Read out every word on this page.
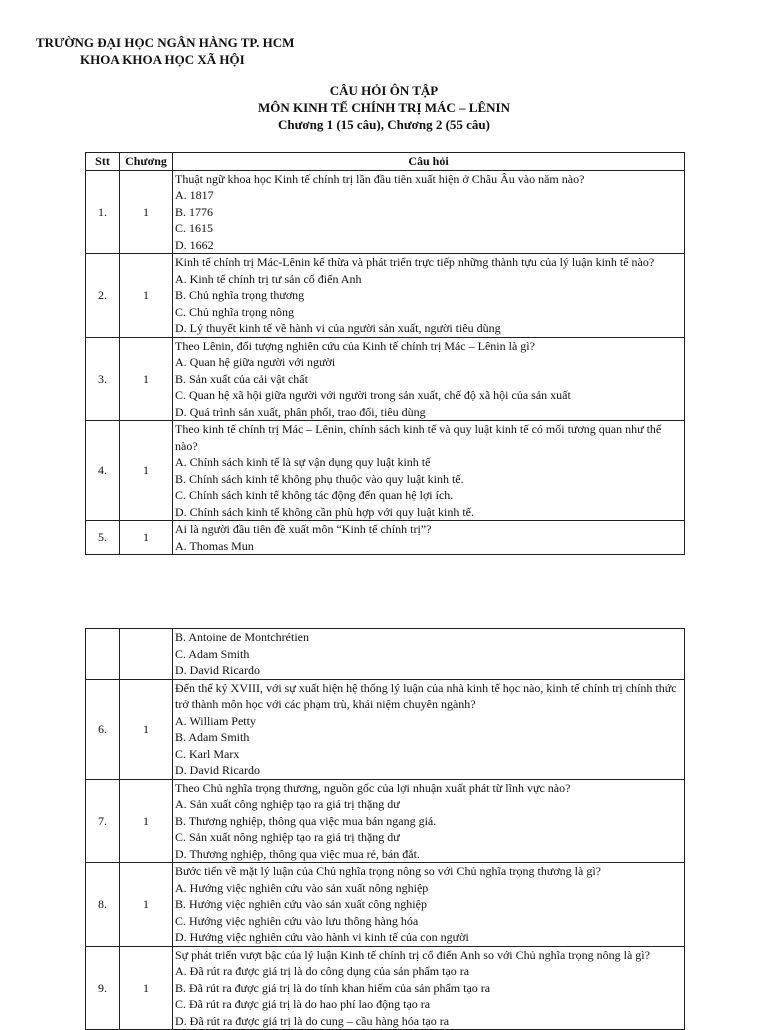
TRƯỜNG ĐẠI HỌC NGÂN HÀNG TP. HCM
KHOA KHOA HỌC XÃ HỘI
CÂU HỎI ÔN TẬP
MÔN KINH TẾ CHÍNH TRỊ MÁC – LÊNIN
Chương 1 (15 câu), Chương 2 (55 câu)
Stt	Chương	Câu hỏi
1.	1	Thuật ngữ khoa học Kinh tế chính trị lần đầu tiên xuất hiện ở Châu Âu vào năm nào?
A. 1817
B. 1776
C. 1615
D. 1662

2.	1	Kinh tế chính trị Mác-Lênin kế thừa và phát triển trực tiếp những thành tựu của lý luận kinh tế nào?
A. Kinh tế chính trị tư sản cổ điển Anh
B. Chủ nghĩa trọng thương
C. Chủ nghĩa trọng nông
D. Lý thuyết kinh tế về hành vi của người sản xuất, người tiêu dùng

3.	1	Theo Lênin, đối tượng nghiên cứu của Kinh tế chính trị Mác – Lênin là gì?
A. Quan hệ giữa người với người
B. Sản xuất của cải vật chất
C. Quan hệ xã hội giữa người với người trong sản xuất, chế độ xã hội của sản xuất
D. Quá trình sản xuất, phân phối, trao đổi, tiêu dùng

4.	1	Theo kinh tế chính trị Mác – Lênin, chính sách kinh tế và quy luật kinh tế có mối tương quan như thế nào?
A. Chính sách kinh tế là sự vận dụng quy luật kinh tế
B. Chính sách kinh tế không phụ thuộc vào quy luật kinh tế.
C. Chính sách kinh tế không tác động đến quan hệ lợi ích.
D. Chính sách kinh tế không cần phù hợp với quy luật kinh tế.

5.	1	Ai là người đầu tiên đề xuất môn “Kinh tế chính trị”?
A. Thomas Mun

		B. Antoine de Montchrétien
C. Adam Smith
D. David Ricardo

6.	1	Đến thế kỷ XVIII, với sự xuất hiện hệ thống lý luận của nhà kinh tế học nào, kinh tế chính trị chính thức trở thành môn học với các phạm trù, khái niệm chuyên ngành?
A. William Petty
B. Adam Smith
C. Karl Marx
D. David Ricardo

7.	1	Theo Chủ nghĩa trọng thương, nguồn gốc của lợi nhuận xuất phát từ lĩnh vực nào?
A. Sản xuất công nghiệp tạo ra giá trị thặng dư
B. Thương nghiệp, thông qua việc mua bán ngang giá.
C. Sản xuất nông nghiệp tạo ra giá trị thặng dư
D. Thương nghiệp, thông qua việc mua rẻ, bán đắt.

8.	1	Bước tiến về mặt lý luận của Chủ nghĩa trọng nông so với Chủ nghĩa trọng thương là gì?
A. Hướng việc nghiên cứu vào sản xuất nông nghiệp
B. Hướng việc nghiên cứu vào sản xuất công nghiệp
C. Hướng việc nghiên cứu vào lưu thông hàng hóa
D. Hướng việc nghiên cứu vào hành vi kinh tế của con người

9.	1	Sự phát triển vượt bậc của lý luận Kinh tế chính trị cổ điển Anh so với Chủ nghĩa trọng nông là gì?
A. Đã rút ra được giá trị là do công dụng của sản phẩm tạo ra
B. Đã rút ra được giá trị là do tính khan hiếm của sản phẩm tạo ra
C. Đã rút ra được giá trị là do hao phí lao động tạo ra
D. Đã rút ra được giá trị là do cung – cầu hàng hóa tạo ra
